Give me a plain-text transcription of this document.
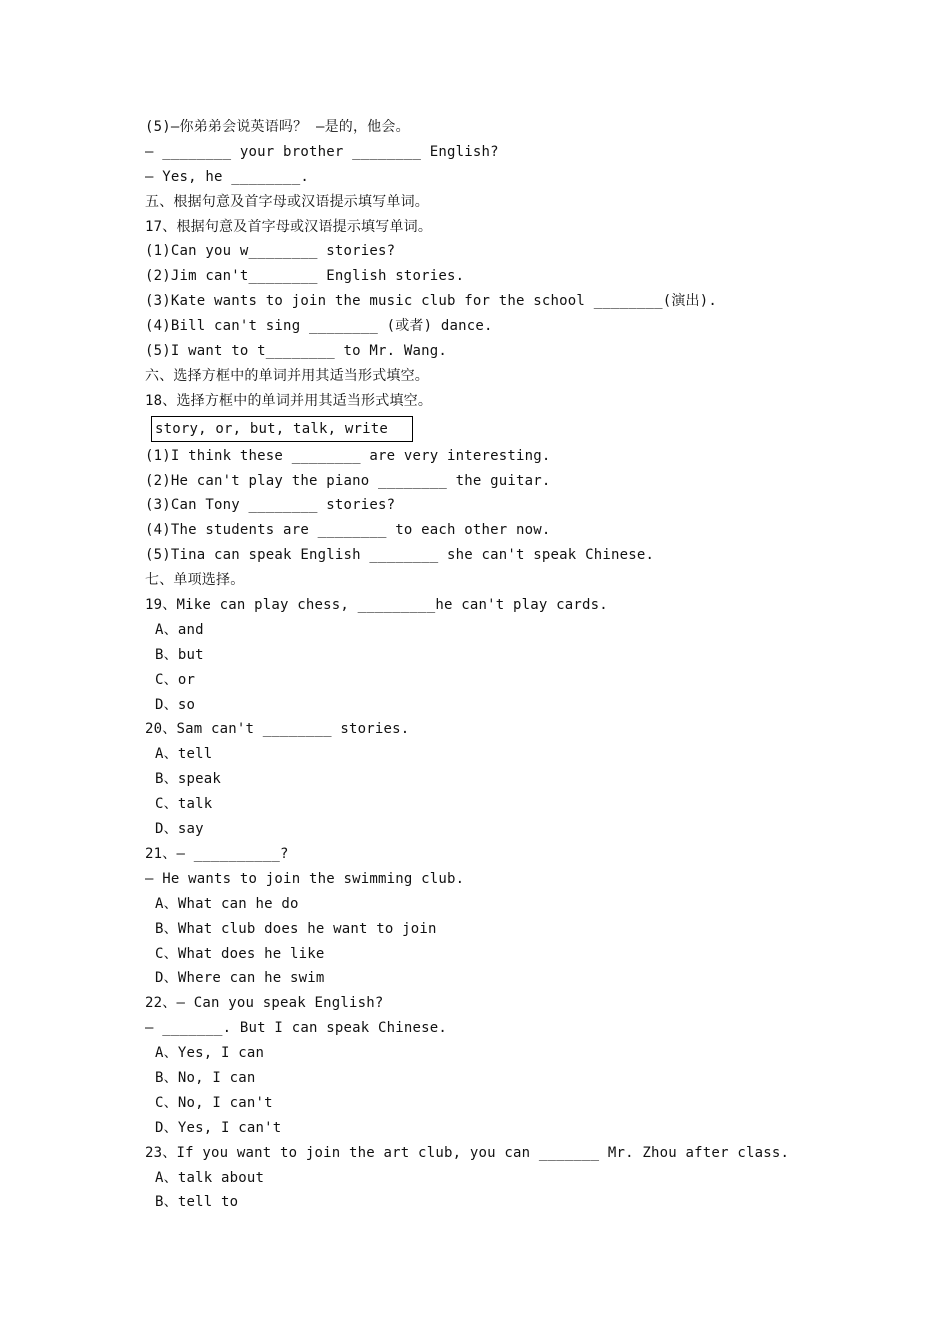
(5)—你弟弟会说英语吗？ —是的，他会。
— ________ your brother ________ English?
— Yes, he ________.
五、根据句意及首字母或汉语提示填写单词。
17、根据句意及首字母或汉语提示填写单词。
(1)Can you w________ stories?
(2)Jim can't________ English stories.
(3)Kate wants to join the music club for the school ________(演出).
(4)Bill can't sing ________ (或者) dance.
(5)I want to t________ to Mr. Wang.
六、选择方框中的单词并用其适当形式填空。
18、选择方框中的单词并用其适当形式填空。
story, or, but, talk, write
(1)I think these ________ are very interesting.
(2)He can't play the piano ________ the guitar.
(3)Can Tony ________ stories?
(4)The students are ________ to each other now.
(5)Tina can speak English ________ she can't speak Chinese.
七、单项选择。
19、Mike can play chess, _________he can't play cards.
A、and
B、but
C、or
D、so
20、Sam can't ________ stories.
A、tell
B、speak
C、talk
D、say
21、— __________?
— He wants to join the swimming club.
A、What can he do
B、What club does he want to join
C、What does he like
D、Where can he swim
22、— Can you speak English?
— _______. But I can speak Chinese.
A、Yes, I can
B、No, I can
C、No, I can't
D、Yes, I can't
23、If you want to join the art club, you can _______ Mr. Zhou after class.
A、talk about
B、tell to
